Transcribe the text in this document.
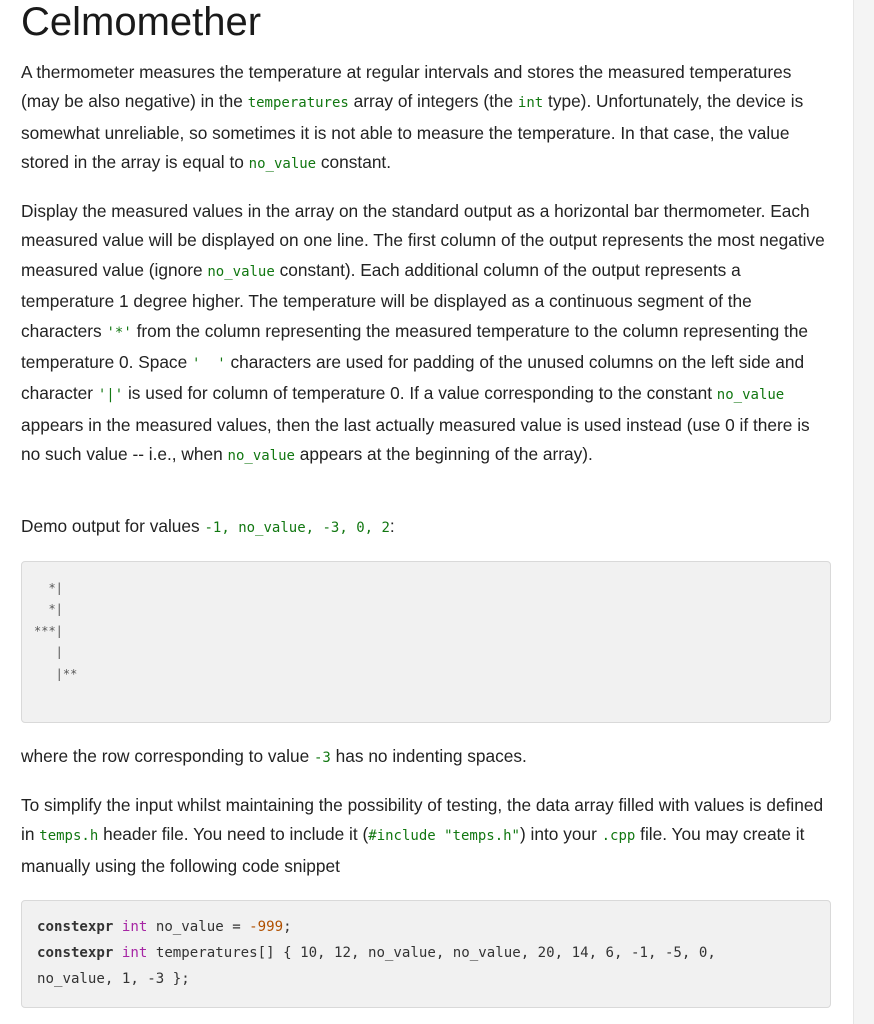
Celmomether

A thermometer measures the temperature at regular intervals and stores the measured temperatures (may be also negative) in the temperatures array of integers (the int type). Unfortunately, the device is somewhat unreliable, so sometimes it is not able to measure the temperature. In that case, the value stored in the array is equal to no_value constant.

Display the measured values in the array on the standard output as a horizontal bar thermometer. Each measured value will be displayed on one line. The first column of the output represents the most negative measured value (ignore no_value constant). Each additional column of the output represents a temperature 1 degree higher. The temperature will be displayed as a continuous segment of the characters '*' from the column representing the measured temperature to the column representing the temperature 0. Space '  ' characters are used for padding of the unused columns on the left side and character '|' is used for column of temperature 0. If a value corresponding to the constant no_value appears in the measured values, then the last actually measured value is used instead (use 0 if there is no such value -- i.e., when no_value appears at the beginning of the array).

Demo output for values -1, no_value, -3, 0, 2:

*|
*|
***|
|
|**

where the row corresponding to value -3 has no indenting spaces.

To simplify the input whilst maintaining the possibility of testing, the data array filled with values is defined in temps.h header file. You need to include it (#include "temps.h") into your .cpp file. You may create it manually using the following code snippet

constexpr int no_value = -999;
constexpr int temperatures[] { 10, 12, no_value, no_value, 20, 14, 6, -1, -5, 0,
no_value, 1, -3 };
